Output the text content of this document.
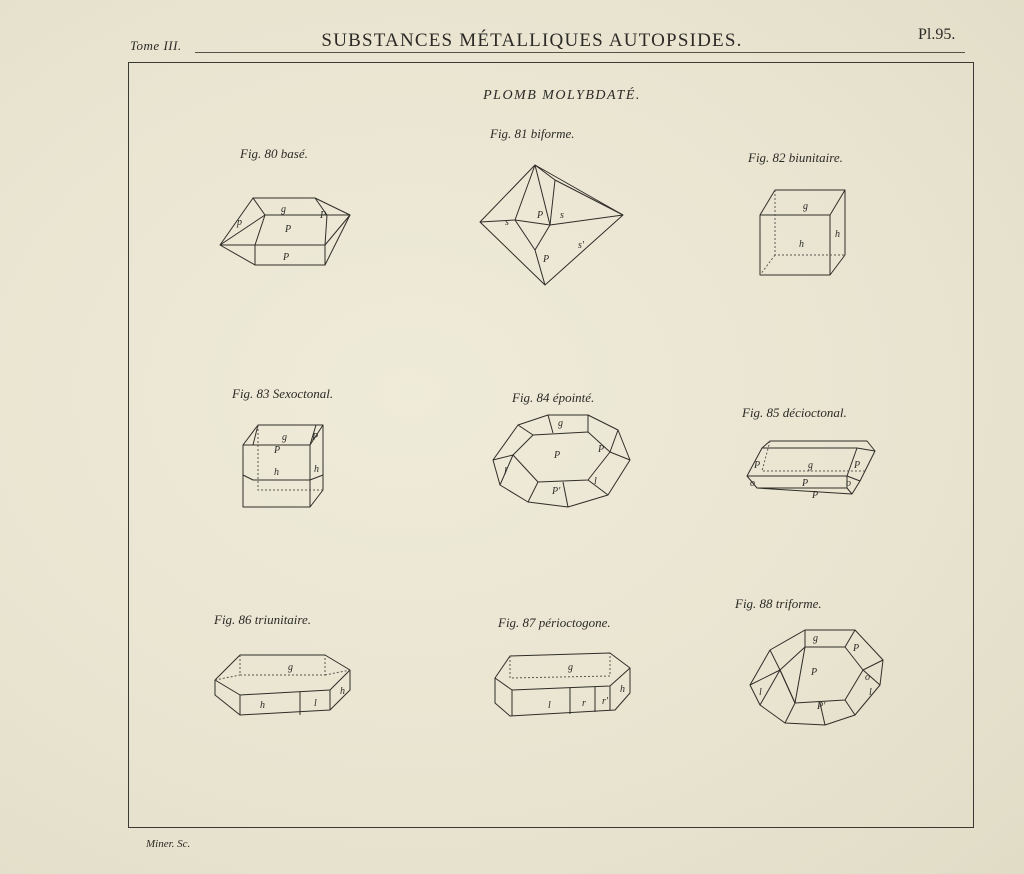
Tome III.	SUBSTANCES MÉTALLIQUES AUTOPSIDES.	Pl.95.
PLOMB MOLYBDATÉ.
Fig. 80 basé.
g
p
P
P
P
Fig. 81 biforme.
s
P s
s'
P
Fig. 82 biunitaire.
g
h
h
Fig. 83 Sexoctonal.
g
P
P
h	h
Fig. 84 épointé.
g
P
P
l
l
P'
Fig. 85 décioctonal.
g
P	P
o	o
P
P
Fig. 86 triunitaire.
g
h	l
h
Fig. 87 périoctogone.
g
l	r r'
h
Fig. 88 triforme.
g
P
P
o
l	l
P'
Miner. Sc.
